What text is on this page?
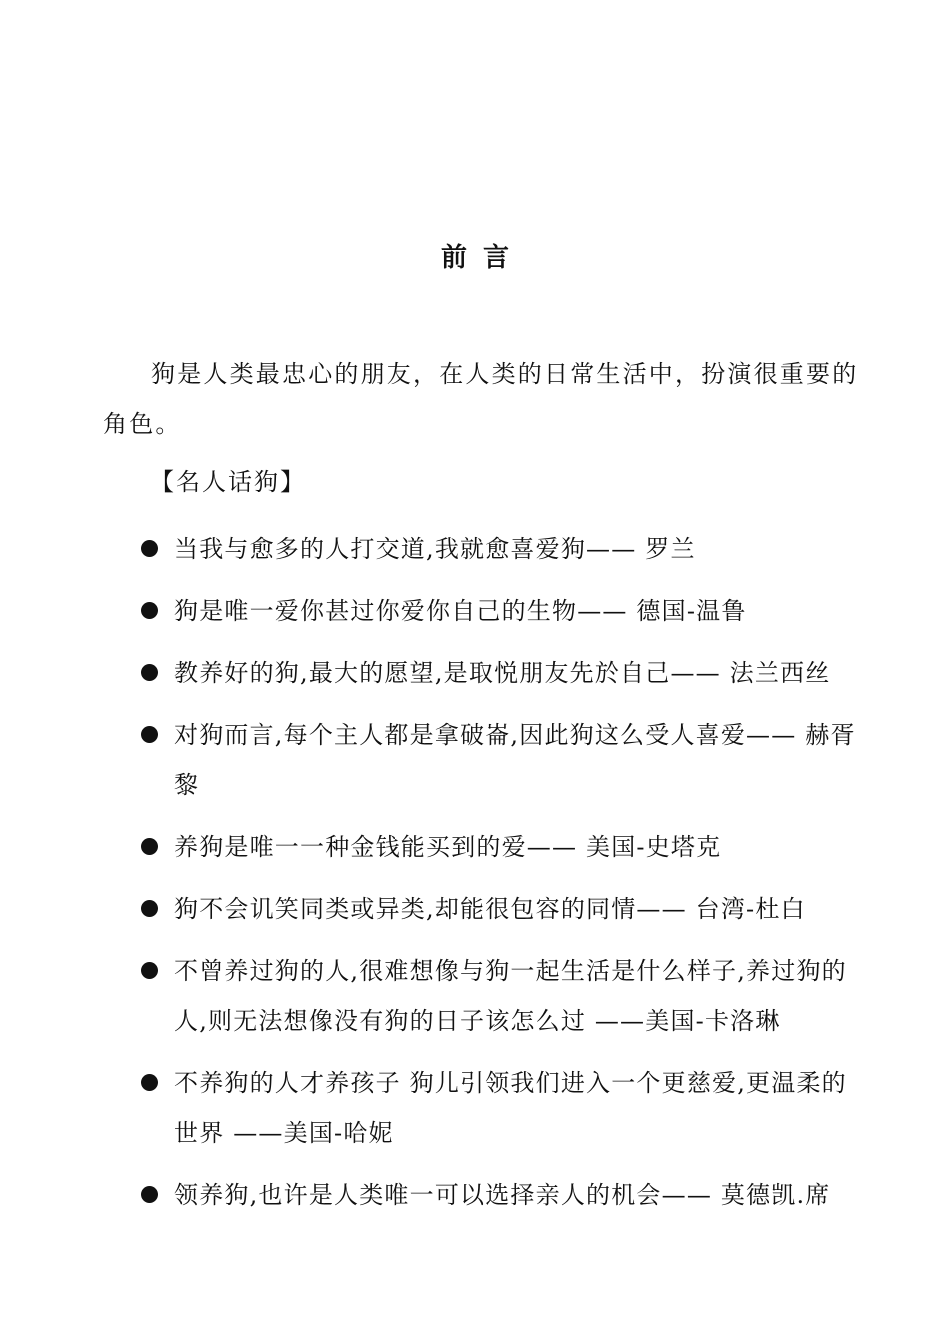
前言

狗是人类最忠心的朋友，在人类的日常生活中，扮演很重要的角色。

【名人话狗】
当我与愈多的人打交道,我就愈喜爱狗—— 罗兰
狗是唯一爱你甚过你爱你自己的生物—— 德国-温鲁
教养好的狗,最大的愿望,是取悦朋友先於自己—— 法兰西丝
对狗而言,每个主人都是拿破崙,因此狗这么受人喜爱—— 赫胥黎
养狗是唯一一种金钱能买到的爱—— 美国-史塔克
狗不会讥笑同类或异类,却能很包容的同情—— 台湾-杜白
不曾养过狗的人,很难想像与狗一起生活是什么样子,养过狗的人,则无法想像没有狗的日子该怎么过 ——美国-卡洛琳
不养狗的人才养孩子 狗儿引领我们进入一个更慈爱,更温柔的世界 ——美国-哈妮
领养狗,也许是人类唯一可以选择亲人的机会—— 莫德凯.席
